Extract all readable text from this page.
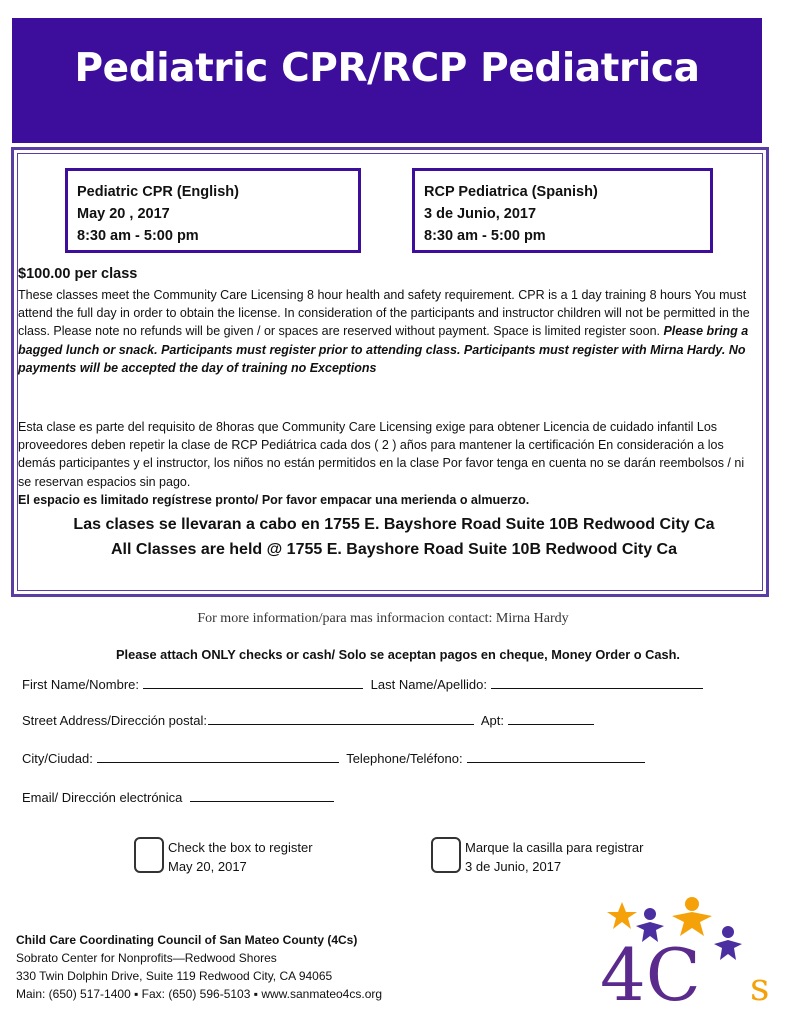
Pediatric CPR/RCP Pediatrica
Pediatric CPR (English)
May 20 , 2017
8:30 am - 5:00 pm
RCP Pediatrica (Spanish)
3 de Junio, 2017
8:30 am - 5:00 pm
$100.00 per class
These classes meet the Community Care Licensing 8 hour health and safety requirement. CPR is a 1 day training 8 hours You must attend the full day in order to obtain the license. In consideration of the participants and instructor children will not be permitted in the class. Please note no refunds will be given / or spaces are reserved without payment. Space is limited register soon. Please bring a bagged lunch or snack. Participants must register prior to attending class. Participants must register with Mirna Hardy. No payments will be accepted the day of training no Exceptions
Esta clase es parte del requisito de 8horas que Community Care Licensing exige para obtener Licencia de cuidado infantil Los proveedores deben repetir la clase de RCP Pediátrica cada dos ( 2 ) años para mantener la certificación En consideración a los demás participantes y el instructor, los niños no están permitidos en la clase Por favor tenga en cuenta no se darán reembolsos / ni se reservan espacios sin pago.
El espacio es limitado regístrese pronto/ Por favor empacar una merienda o almuerzo.
Las clases se llevaran a cabo en 1755 E. Bayshore Road Suite 10B Redwood City Ca
All Classes are held @ 1755 E. Bayshore Road Suite 10B Redwood City Ca
For more information/para mas informacion contact: Mirna Hardy
Please attach ONLY checks or cash/ Solo se aceptan pagos en cheque, Money Order o Cash.
First Name/Nombre:	Last Name/Apellido:
Street Address/Dirección postal:	Apt:
City/Ciudad:	Telephone/Teléfono:
Email/ Dirección electrónica
Check the box to register
May 20, 2017
Marque la casilla para registrar
3 de Junio, 2017
Child Care Coordinating Council of San Mateo County (4Cs)
Sobrato Center for Nonprofits—Redwood Shores
330 Twin Dolphin Drive, Suite 119 Redwood City, CA 94065
Main: (650) 517-1400 ▪ Fax: (650) 596-5103 ▪ www.sanmateo4cs.org	4C s
